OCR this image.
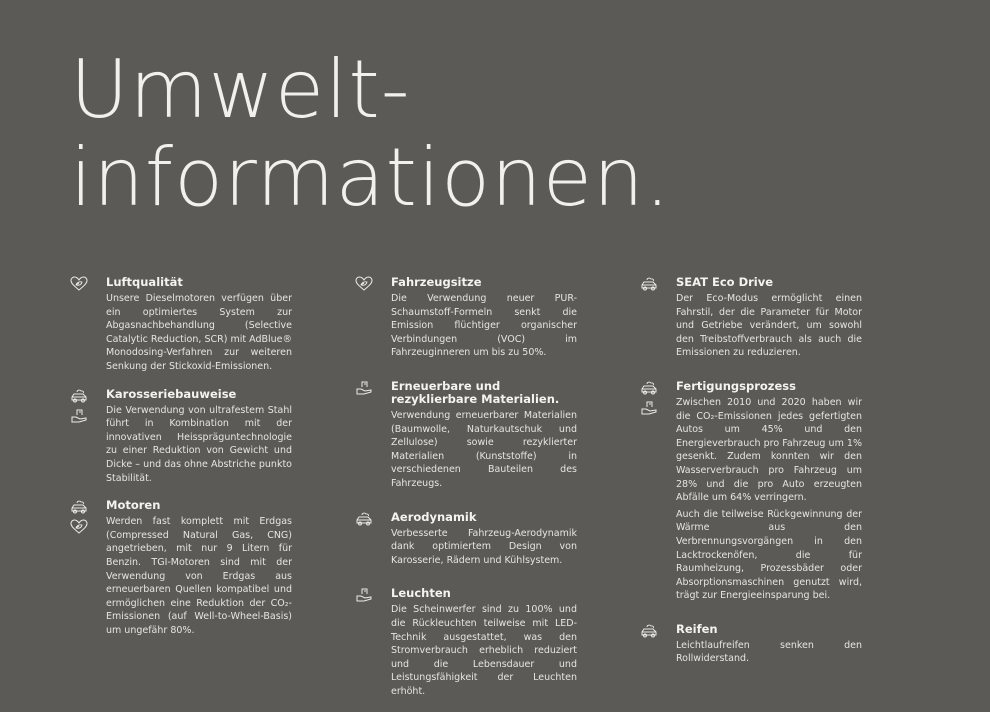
Umwelt-
informationen.
Luftqualität

Unsere Dieselmotoren verfügen über ein optimiertes System zur Abgasnachbehandlung (Selective Catalytic Reduction, SCR) mit AdBlue® Monodosing-Verfahren zur weiteren Senkung der Stickoxid-Emissionen.

Karosseriebauweise

Die Verwendung von ultrafestem Stahl führt in Kombination mit der innovativen Heisspräguntechnologie zu einer Reduktion von Gewicht und Dicke – und das ohne Abstriche punkto Stabilität.

Motoren

Werden fast komplett mit Erdgas (Compressed Natural Gas, CNG) angetrieben, mit nur 9 Litern für Benzin. TGI-Motoren sind mit der Verwendung von Erdgas aus erneuerbaren Quellen kompatibel und ermöglichen eine Reduktion der CO₂-Emissionen (auf Well-to-Wheel-Basis) um ungefähr 80%.

Fahrzeugsitze

Die Verwendung neuer PUR-Schaumstoff-Formeln senkt die Emission flüchtiger organischer Verbindungen (VOC) im Fahrzeuginneren um bis zu 50%.

Erneuerbare und rezyklierbare Materialien.

Verwendung erneuerbarer Materialien (Baumwolle, Naturkautschuk und Zellulose) sowie rezyklierter Materialien (Kunststoffe) in verschiedenen Bauteilen des Fahrzeugs.

Aerodynamik

Verbesserte Fahrzeug-Aerodynamik dank optimiertem Design von Karosserie, Rädern und Kühlsystem.

Leuchten

Die Scheinwerfer sind zu 100% und die Rückleuchten teilweise mit LED-Technik ausgestattet, was den Stromverbrauch erheblich reduziert und die Lebensdauer und Leistungsfähigkeit der Leuchten erhöht.

SEAT Eco Drive

Der Eco-Modus ermöglicht einen Fahrstil, der die Parameter für Motor und Getriebe verändert, um sowohl den Treibstoffverbrauch als auch die Emissionen zu reduzieren.

Fertigungsprozess

Zwischen 2010 und 2020 haben wir die CO₂-Emissionen jedes gefertigten Autos um 45% und den Energieverbrauch pro Fahrzeug um 1% gesenkt. Zudem konnten wir den Wasserverbrauch pro Fahrzeug um 28% und die pro Auto erzeugten Abfälle um 64% verringern.

Auch die teilweise Rückgewinnung der Wärme aus den Verbrennungsvorgängen in den Lacktrockenöfen, die für Raumheizung, Prozessbäder oder Absorptionsmaschinen genutzt wird, trägt zur Energieeinsparung bei.

Reifen

Leichtlaufreifen senken den Rollwiderstand.
